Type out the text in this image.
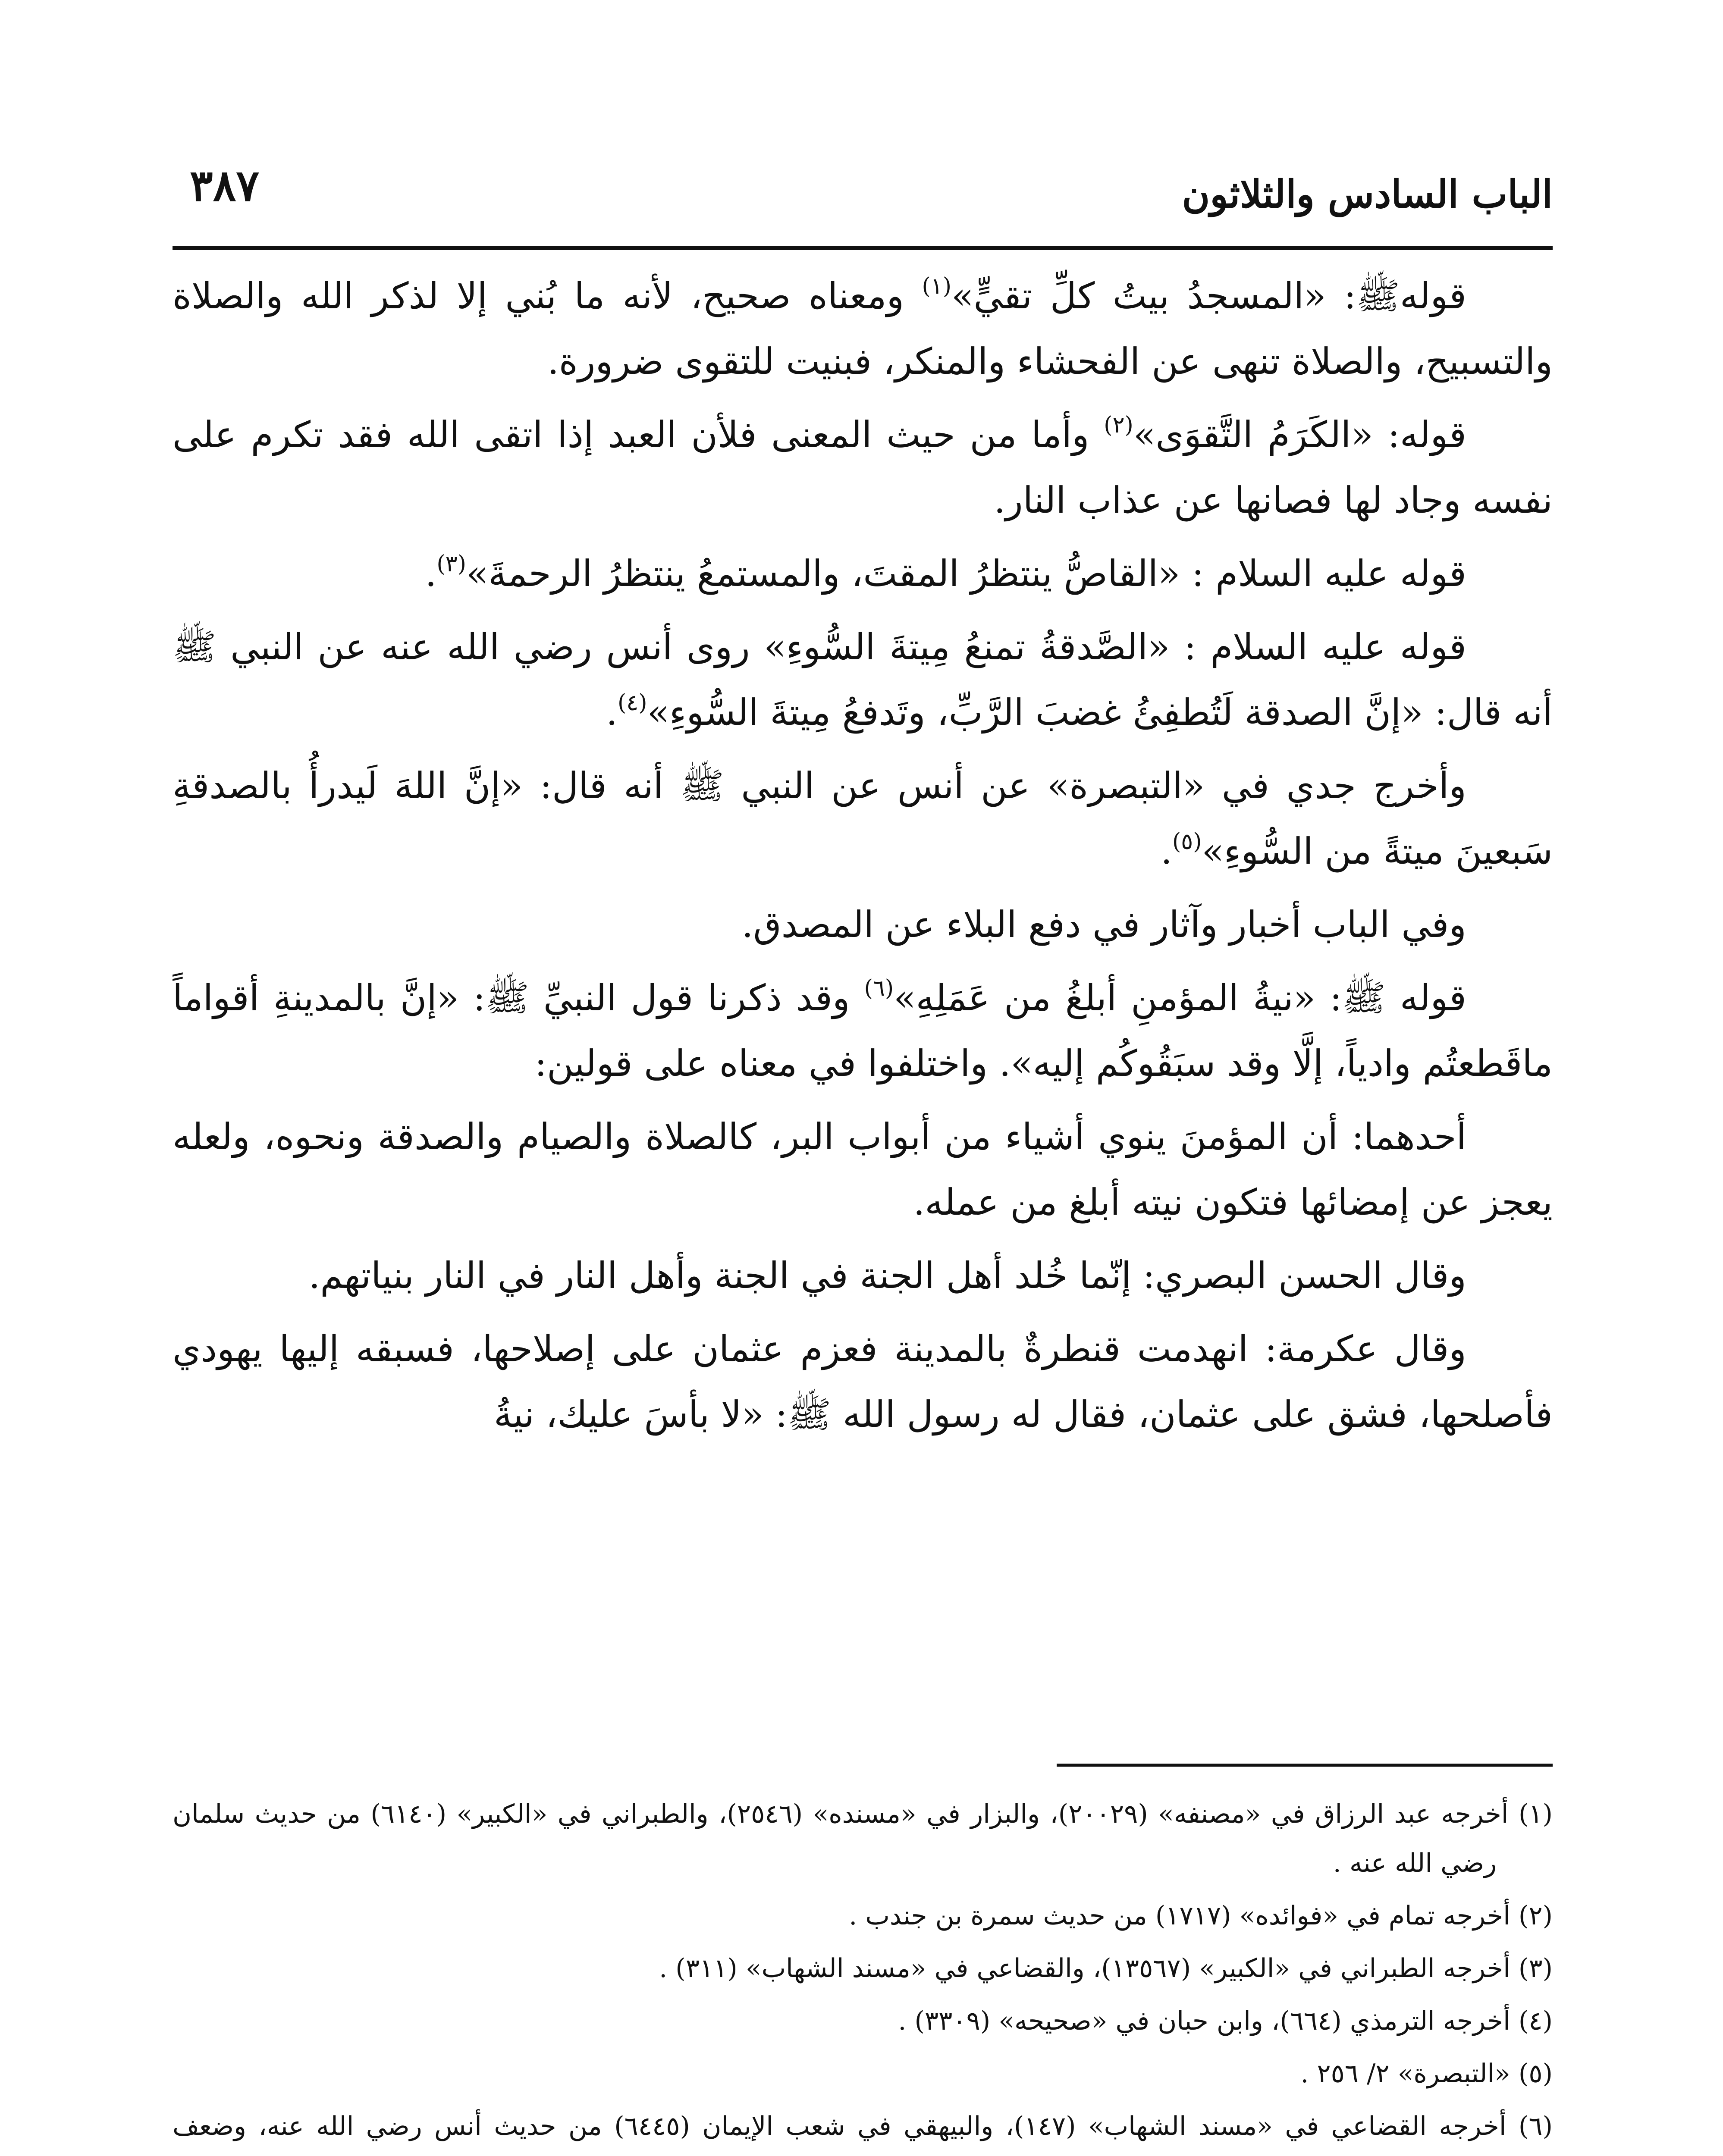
الباب السادس والثلاثون
٣٨٧

قولهﷺ: «المسجدُ بيتُ كلِّ تقيٍّ»$^{(١)}$ ومعناه صحيح، لأنه ما بُني إلا لذكر الله والصلاة والتسبيح، والصلاة تنهى عن الفحشاء والمنكر، فبنيت للتقوى ضرورة.

قوله: «الكَرَمُ التَّقوَى»$^{(٢)}$ وأما من حيث المعنى فلأن العبد إذا اتقى الله فقد تكرم على نفسه وجاد لها فصانها عن عذاب النار.

قوله عليه السلام : «القاصُّ ينتظرُ المقتَ، والمستمعُ ينتظرُ الرحمةَ»$^{(٣)}$.

قوله عليه السلام : «الصَّدقةُ تمنعُ مِيتةَ السُّوءِ» روى أنس رضي الله عنه عن النبي ﷺ أنه قال: «إنَّ الصدقة لَتُطفِئُ غضبَ الرَّبِّ، وتَدفعُ مِيتةَ السُّوءِ»$^{(٤)}$.

وأخرج جدي في «التبصرة» عن أنس عن النبي ﷺ أنه قال: «إنَّ اللهَ لَيدرأُ بالصدقةِ سَبعينَ ميتةً من السُّوءِ»$^{(٥)}$.

وفي الباب أخبار وآثار في دفع البلاء عن المصدق.

قوله ﷺ: «نيةُ المؤمنِ أبلغُ من عَمَلِهِ»$^{(٦)}$ وقد ذكرنا قول النبيِّ ﷺ: «إنَّ بالمدينةِ أقواماً ماقَطعتُم وادياً، إلَّا وقد سبَقُوكُم إليه». واختلفوا في معناه على قولين:

أحدهما: أن المؤمنَ ينوي أشياء من أبواب البر، كالصلاة والصيام والصدقة ونحوه، ولعله يعجز عن إمضائها فتكون نيته أبلغ من عمله.

وقال الحسن البصري: إنّما خُلد أهل الجنة في الجنة وأهل النار في النار بنياتهم.

وقال عكرمة: انهدمت قنطرةٌ بالمدينة فعزم عثمان على إصلاحها، فسبقه إليها يهودي فأصلحها، فشق على عثمان، فقال له رسول الله ﷺ: «لا بأسَ عليك، نيةُ

(١) أخرجه عبد الرزاق في «مصنفه» (٢٠٠٢٩)، والبزار في «مسنده» (٢٥٤٦)، والطبراني في «الكبير» (٦١٤٠) من حديث سلمان رضي الله عنه .

(٢) أخرجه تمام في «فوائده» (١٧١٧) من حديث سمرة بن جندب .

(٣) أخرجه الطبراني في «الكبير» (١٣٥٦٧)، والقضاعي في «مسند الشهاب» (٣١١) .

(٤) أخرجه الترمذي (٦٦٤)، وابن حبان في «صحيحه» (٣٣٠٩) .

(٥) «التبصرة» ٢/ ٢٥٦ .

(٦) أخرجه القضاعي في «مسند الشهاب» (١٤٧)، والبيهقي في شعب الإيمان (٦٤٤٥) من حديث أنس رضي الله عنه، وضعف
